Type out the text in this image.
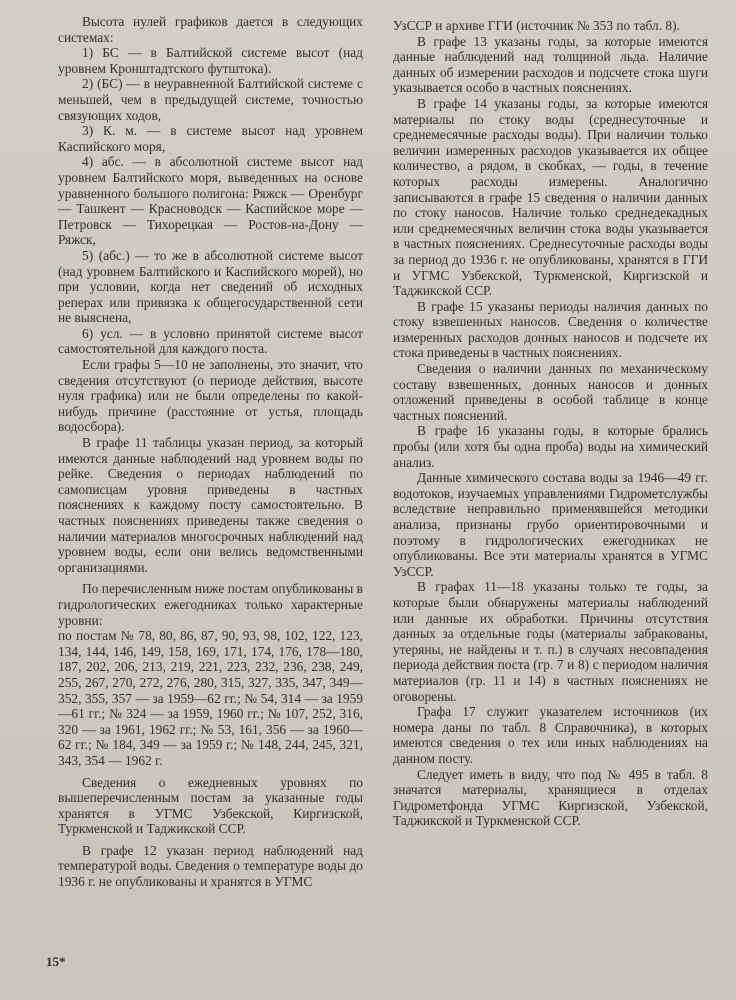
Высота нулей графиков дается в следующих системах:

1) БС — в Балтийской системе высот (над уровнем Кронштадтского футштока).

2) (БС) — в неуравненной Балтийской системе с меньшей, чем в предыдущей системе, точностью связующих ходов,

3) К. м. — в системе высот над уровнем Каспийского моря,

4) абс. — в абсолютной системе высот над уровнем Балтийского моря, выведенных на основе уравненного большого полигона: Ряжск — Оренбург — Ташкент — Красноводск — Каспийское море — Петровск — Тихорецкая — Ростов-на-Дону — Ряжск,

5) (абс.) — то же в абсолютной системе высот (над уровнем Балтийского и Каспийского морей), но при условии, когда нет сведений об исходных реперах или привязка к общегосударственной сети не выяснена,

6) усл. — в условно принятой системе высот самостоятельной для каждого поста.

Если графы 5—10 не заполнены, это значит, что сведения отсутствуют (о периоде действия, высоте нуля графика) или не были определены по какой-нибудь причине (расстояние от устья, площадь водосбора).

В графе 11 таблицы указан период, за который имеются данные наблюдений над уровнем воды по рейке. Сведения о периодах наблюдений по самописцам уровня приведены в частных пояснениях к каждому посту самостоятельно. В частных пояснениях приведены также сведения о наличии материалов многосрочных наблюдений над уровнем воды, если они велись ведомственными организациями.

По перечисленным ниже постам опубликованы в гидрологических ежегодниках только характерные уровни:

по постам № 78, 80, 86, 87, 90, 93, 98, 102, 122, 123, 134, 144, 146, 149, 158, 169, 171, 174, 176, 178—180, 187, 202, 206, 213, 219, 221, 223, 232, 236, 238, 249, 255, 267, 270, 272, 276, 280, 315, 327, 335, 347, 349—352, 355, 357 — за 1959—62 гг.; № 54, 314 — за 1959—61 гг.; № 324 — за 1959, 1960 гг.; № 107, 252, 316, 320 — за 1961, 1962 гг.; № 53, 161, 356 — за 1960—62 гг.; № 184, 349 — за 1959 г.; № 148, 244, 245, 321, 343, 354 — 1962 г.

Сведения о ежедневных уровнях по вышеперечисленным постам за указанные годы хранятся в УГМС Узбекской, Киргизской, Туркменской и Таджикской ССР.

В графе 12 указан период наблюдений над температурой воды. Сведения о температуре воды до 1936 г. не опубликованы и хранятся в УГМС

УзССР и архиве ГГИ (источник № 353 по табл. 8).

В графе 13 указаны годы, за которые имеются данные наблюдений над толщиной льда. Наличие данных об измерении расходов и подсчете стока шуги указывается особо в частных пояснениях.

В графе 14 указаны годы, за которые имеются материалы по стоку воды (среднесуточные и среднемесячные расходы воды). При наличии только величин измеренных расходов указывается их общее количество, а рядом, в скобках, — годы, в течение которых расходы измерены. Аналогично записываются в графе 15 сведения о наличии данных по стоку наносов. Наличие только среднедекадных или среднемесячных величин стока воды указывается в частных пояснениях. Среднесуточные расходы воды за период до 1936 г. не опубликованы, хранятся в ГГИ и УГМС Узбекской, Туркменской, Киргизской и Таджикской ССР.

В графе 15 указаны периоды наличия данных по стоку взвешенных наносов. Сведения о количестве измеренных расходов донных наносов и подсчете их стока приведены в частных пояснениях.

Сведения о наличии данных по механическому составу взвешенных, донных наносов и донных отложений приведены в особой таблице в конце частных пояснений.

В графе 16 указаны годы, в которые брались пробы (или хотя бы одна проба) воды на химический анализ.

Данные химического состава воды за 1946—49 гг. водотоков, изучаемых управлениями Гидрометслужбы вследствие неправильно применявшейся методики анализа, признаны грубо ориентировочными и поэтому в гидрологических ежегодниках не опубликованы. Все эти материалы хранятся в УГМС УзССР.

В графах 11—18 указаны только те годы, за которые были обнаружены материалы наблюдений или данные их обработки. Причины отсутствия данных за отдельные годы (материалы забракованы, утеряны, не найдены и т. п.) в случаях несовпадения периода действия поста (гр. 7 и 8) с периодом наличия материалов (гр. 11 и 14) в частных пояснениях не оговорены.

Графа 17 служит указателем источников (их номера даны по табл. 8 Справочника), в которых имеются сведения о тех или иных наблюдениях на данном посту.

Следует иметь в виду, что под № 495 в табл. 8 значатся материалы, хранящиеся в отделах Гидрометфонда УГМС Киргизской, Узбекской, Таджикской и Туркменской ССР.

15*
